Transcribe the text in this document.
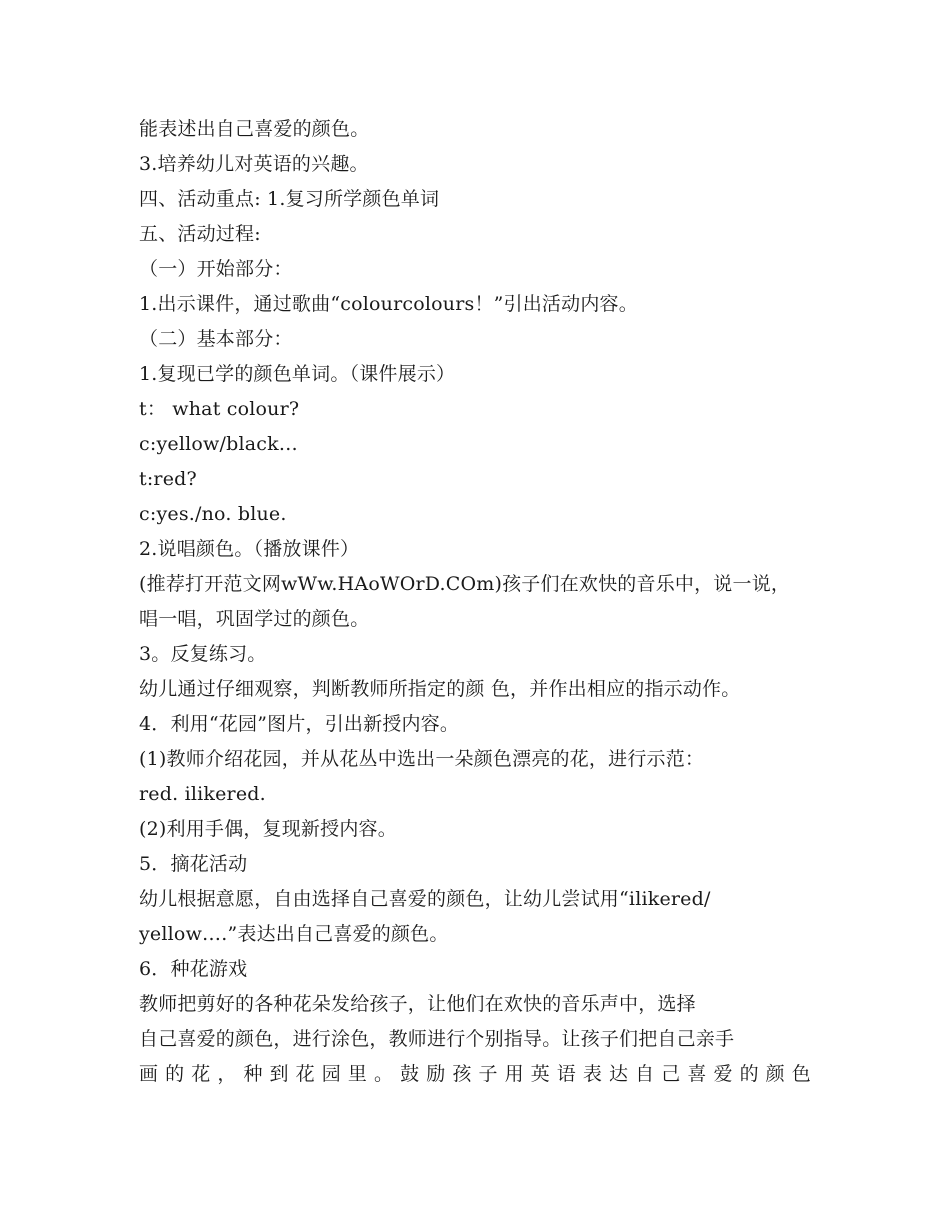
能表述出自己喜爱的颜色。
3.培养幼儿对英语的兴趣。
四、活动重点: 1.复习所学颜色单词
五、活动过程:
（一）开始部分：
1.出示课件，通过歌曲“colourcolours！”引出活动内容。
（二）基本部分：
1.复现已学的颜色单词。（课件展示）
t： what colour?
c:yellow/black…
t:red?
c:yes./no. blue.
2.说唱颜色。（播放课件）
(推荐打开范文网wWw.HAoWOrD.COm)孩子们在欢快的音乐中，说一说，
唱一唱，巩固学过的颜色。
3。反复练习。
幼儿通过仔细观察，判断教师所指定的颜 色，并作出相应的指示动作。
4．利用“花园”图片，引出新授内容。
(1)教师介绍花园，并从花丛中选出一朵颜色漂亮的花，进行示范：
red. ilikered.
(2)利用手偶，复现新授内容。
5．摘花活动
幼儿根据意愿，自由选择自己喜爱的颜色，让幼儿尝试用“ilikered/
yellow….”表达出自己喜爱的颜色。
6．种花游戏
教师把剪好的各种花朵发给孩子，让他们在欢快的音乐声中，选择
自己喜爱的颜色，进行涂色，教师进行个别指导。让孩子们把自己亲手
画的花，种到花园里。鼓励孩子用英语表达自己喜爱的颜色
